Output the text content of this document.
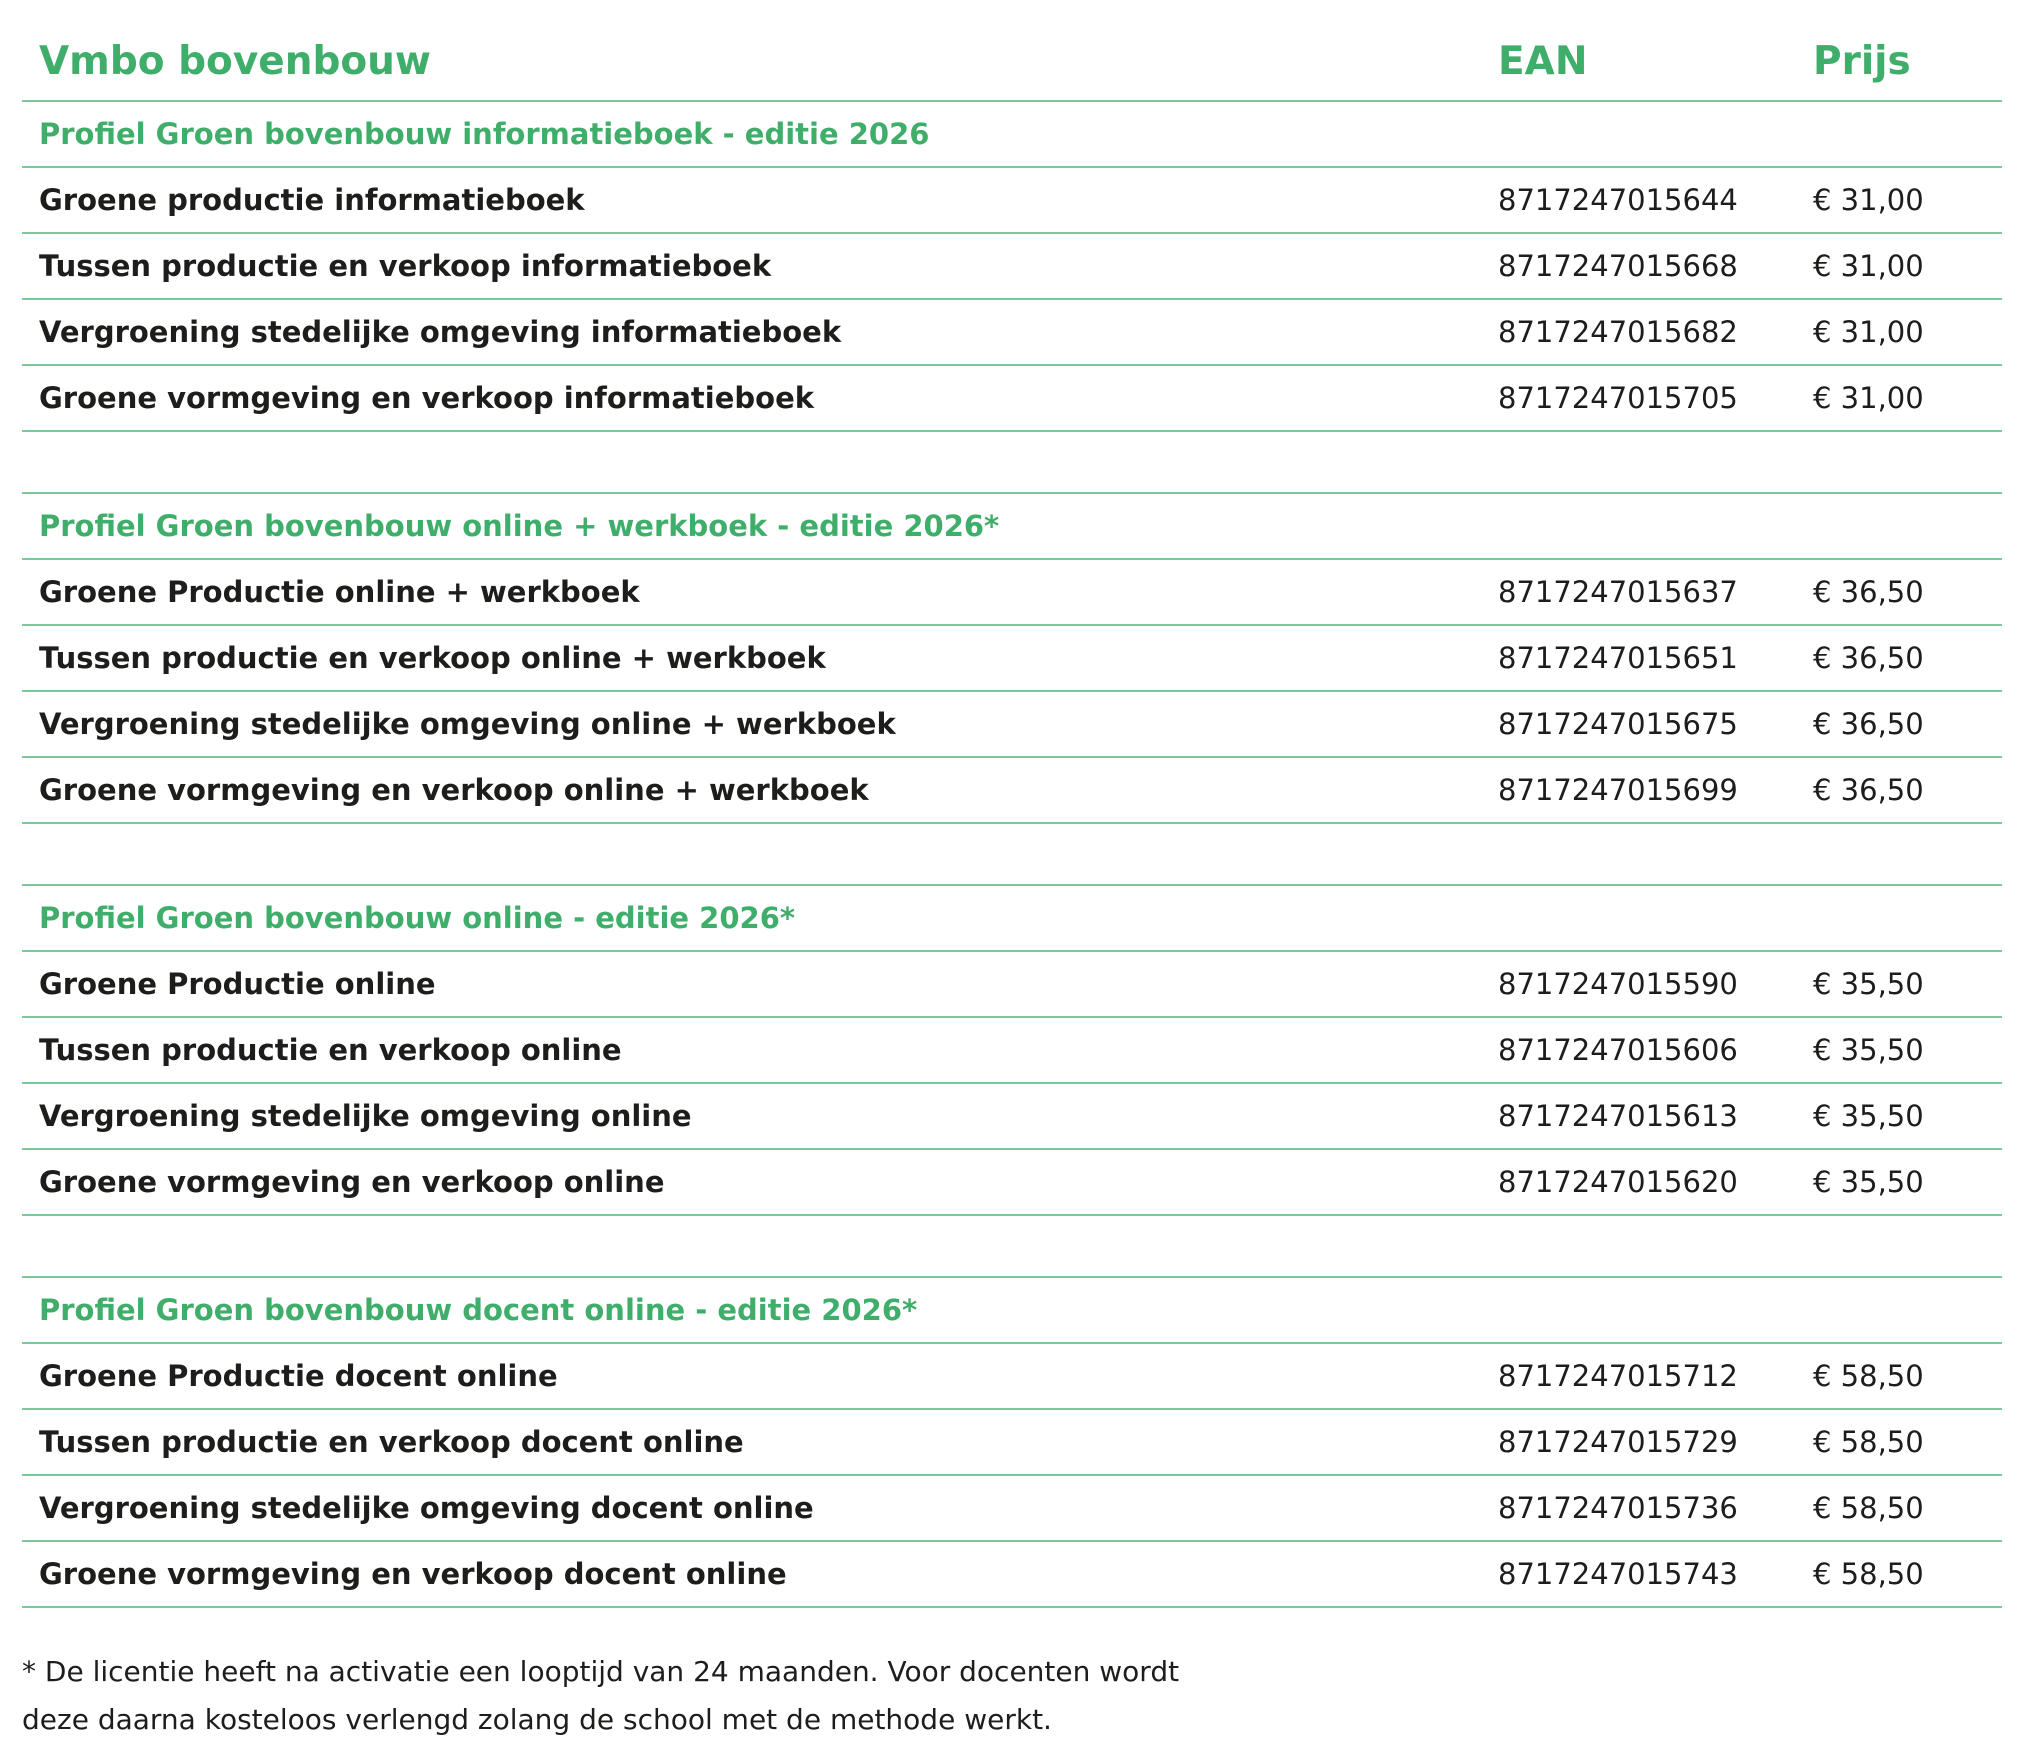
Vmbo bovenbouw	EAN	Prijs
Profiel Groen bovenbouw informatieboek - editie 2026
Groene productie informatieboek	8717247015644	€ 31,00
Tussen productie en verkoop informatieboek	8717247015668	€ 31,00
Vergroening stedelijke omgeving informatieboek	8717247015682	€ 31,00
Groene vormgeving en verkoop informatieboek	8717247015705	€ 31,00
Profiel Groen bovenbouw online + werkboek - editie 2026*
Groene Productie online + werkboek	8717247015637	€ 36,50
Tussen productie en verkoop online + werkboek	8717247015651	€ 36,50
Vergroening stedelijke omgeving online + werkboek	8717247015675	€ 36,50
Groene vormgeving en verkoop online + werkboek	8717247015699	€ 36,50
Profiel Groen bovenbouw online - editie 2026*
Groene Productie online	8717247015590	€ 35,50
Tussen productie en verkoop online	8717247015606	€ 35,50
Vergroening stedelijke omgeving online	8717247015613	€ 35,50
Groene vormgeving en verkoop online	8717247015620	€ 35,50
Profiel Groen bovenbouw docent online - editie 2026*
Groene Productie docent online	8717247015712	€ 58,50
Tussen productie en verkoop docent online	8717247015729	€ 58,50
Vergroening stedelijke omgeving docent online	8717247015736	€ 58,50
Groene vormgeving en verkoop docent online	8717247015743	€ 58,50
* De licentie heeft na activatie een looptijd van 24 maanden. Voor docenten wordt
deze daarna kosteloos verlengd zolang de school met de methode werkt.
